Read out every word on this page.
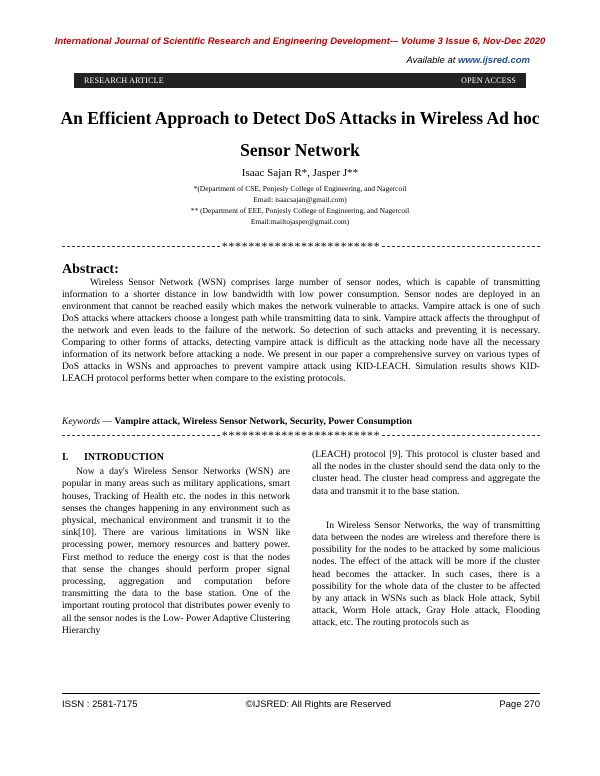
International Journal of Scientific Research and Engineering Development-– Volume 3 Issue 6, Nov-Dec 2020
Available at www.ijsred.com
RESEARCH ARTICLE	OPEN ACCESS
An Efficient Approach to Detect DoS Attacks in Wireless Ad hoc
Sensor Network
Isaac Sajan R*, Jasper J**
*(Department of CSE, Ponjesly College of Engineering, and Nagercoil
Email: isaacsajan@gmail.com)
** (Department of EEE, Ponjesly College of Engineering, and Nagercoil
Email:mailtojasper@gmail.com)
************************
Abstract:
Wireless Sensor Network (WSN) comprises large number of sensor nodes, which is capable of transmitting information to a shorter distance in low bandwidth with low power consumption. Sensor nodes are deployed in an environment that cannot be reached easily which makes the network vulnerable to attacks. Vampire attack is one of such DoS attacks where attackers choose a longest path while transmitting data to sink. Vampire attack affects the throughput of the network and even leads to the failure of the network. So detection of such attacks and preventing it is necessary. Comparing to other forms of attacks, detecting vampire attack is difficult as the attacking node have all the necessary information of its network before attacking a node. We present in our paper a comprehensive survey on various types of DoS attacks in WSNs and approaches to prevent vampire attack using KID-LEACH. Simulation results shows KID-LEACH protocol performs better when compare to the existing protocols.
Keywords — Vampire attack, Wireless Sensor Network, Security, Power Consumption
************************
I. INTRODUCTION

Now a day's Wireless Sensor Networks (WSN) are popular in many areas such as military applications, smart houses, Tracking of Health etc. the nodes in this network senses the changes happening in any environment such as physical, mechanical environment and transmit it to the sink[10]. There are various limitations in WSN like processing power, memory resources and battery power. First method to reduce the energy cost is that the nodes that sense the changes should perform proper signal processing, aggregation and computation before transmitting the data to the base station. One of the important routing protocol that distributes power evenly to all the sensor nodes is the Low- Power Adaptive Clustering Hierarchy

(LEACH) protocol [9]. This protocol is cluster based and all the nodes in the cluster should send the data only to the cluster head. The cluster head compress and aggregate the data and transmit it to the base station.

In Wireless Sensor Networks, the way of transmitting data between the nodes are wireless and therefore there is possibility for the nodes to be attacked by some malicious nodes. The effect of the attack will be more if the cluster head becomes the attacker. In such cases, there is a possibility for the whole data of the cluster to be affected by any attack in WSNs such as black Hole attack, Sybil attack, Worm Hole attack, Gray Hole attack, Flooding attack, etc. The routing protocols such as

ISSN : 2581-7175	©IJSRED: All Rights are Reserved	Page 270
